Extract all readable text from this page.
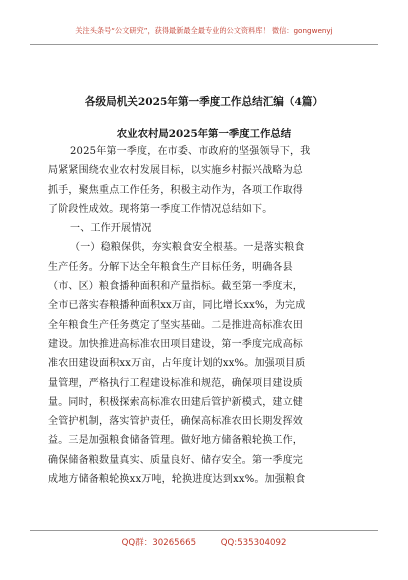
关注头条号“公文研究”，获得最新最全最专业的公文资料库！ 微信：gongwenyj
各级局机关2025年第一季度工作总结汇编（4篇）
农业农村局2025年第一季度工作总结
2025年第一季度，在市委、市政府的坚强领导下，我
局紧紧围绕农业农村发展目标，以实施乡村振兴战略为总
抓手，聚焦重点工作任务，积极主动作为，各项工作取得
了阶段性成效。现将第一季度工作情况总结如下。
一、工作开展情况
（一）稳粮保供，夯实粮食安全根基。一是落实粮食
生产任务。分解下达全年粮食生产目标任务，明确各县
（市、区）粮食播种面积和产量指标。截至第一季度末，
全市已落实春粮播种面积xx万亩，同比增长xx%，为完成
全年粮食生产任务奠定了坚实基础。二是推进高标准农田
建设。加快推进高标准农田项目建设，第一季度完成高标
准农田建设面积xx万亩，占年度计划的xx%。加强项目质
量管理，严格执行工程建设标准和规范，确保项目建设质
量。同时，积极探索高标准农田建后管护新模式，建立健
全管护机制，落实管护责任，确保高标准农田长期发挥效
益。三是加强粮食储备管理。做好地方储备粮轮换工作，
确保储备粮数量真实、质量良好、储存安全。第一季度完
成地方储备粮轮换xx万吨，轮换进度达到xx%。加强粮食
QQ群：30265665	QQ:535304092
